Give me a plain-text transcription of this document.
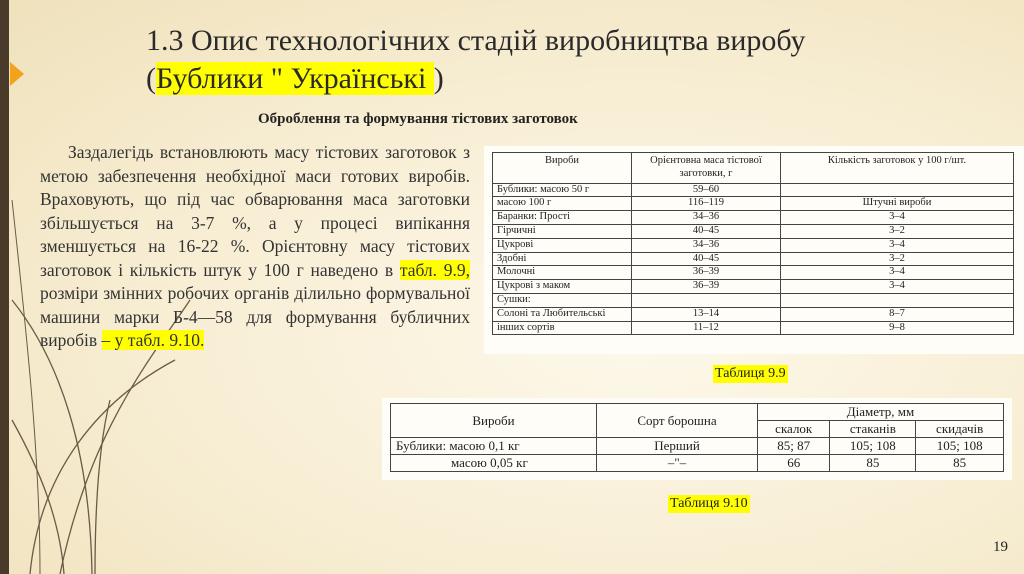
1.3 Опис технологічних стадій виробництва виробу
(Бублики " Українські )
Оброблення та формування тістових заготовок
Заздалегідь встановлюють масу тістових заготовок з метою забезпечення необхідної маси готових виробів. Враховують, що під час обварювання маса заготовки збільшується на 3-7 %, а у процесі випікання зменшується на 16-22 %. Орієнтовну масу тістових заготовок і кількість штук у 100 г наведено в табл. 9.9, розміри змінних робочих органів ділильно формувальної машини марки Б-4—58 для формування бубличних виробів – у табл. 9.10.
Вироби	Орієнтовна маса тістової заготовки, г	Кількість заготовок у 100 г/шт.
Бублики: масою 50 г	59–60	
масою 100 г	116–119	Штучні вироби
Баранки: Прості	34–36	3–4
Гірчичні	40–45	3–2
Цукрові	34–36	3–4
Здобні	40–45	3–2
Молочні	36–39	3–4
Цукрові з маком	36–39	3–4
Сушки:		
Солоні та Любительські	13–14	8–7
інших сортів	11–12	9–8
Таблиця 9.9
Вироби	Сорт борошна	Діаметр, мм		
		скалок	стаканів	скидачів
Бублики: масою 0,1 кг	Перший	85; 87	105; 108	105; 108
масою 0,05 кг	–"–	66	85	85
Таблиця 9.10
19
